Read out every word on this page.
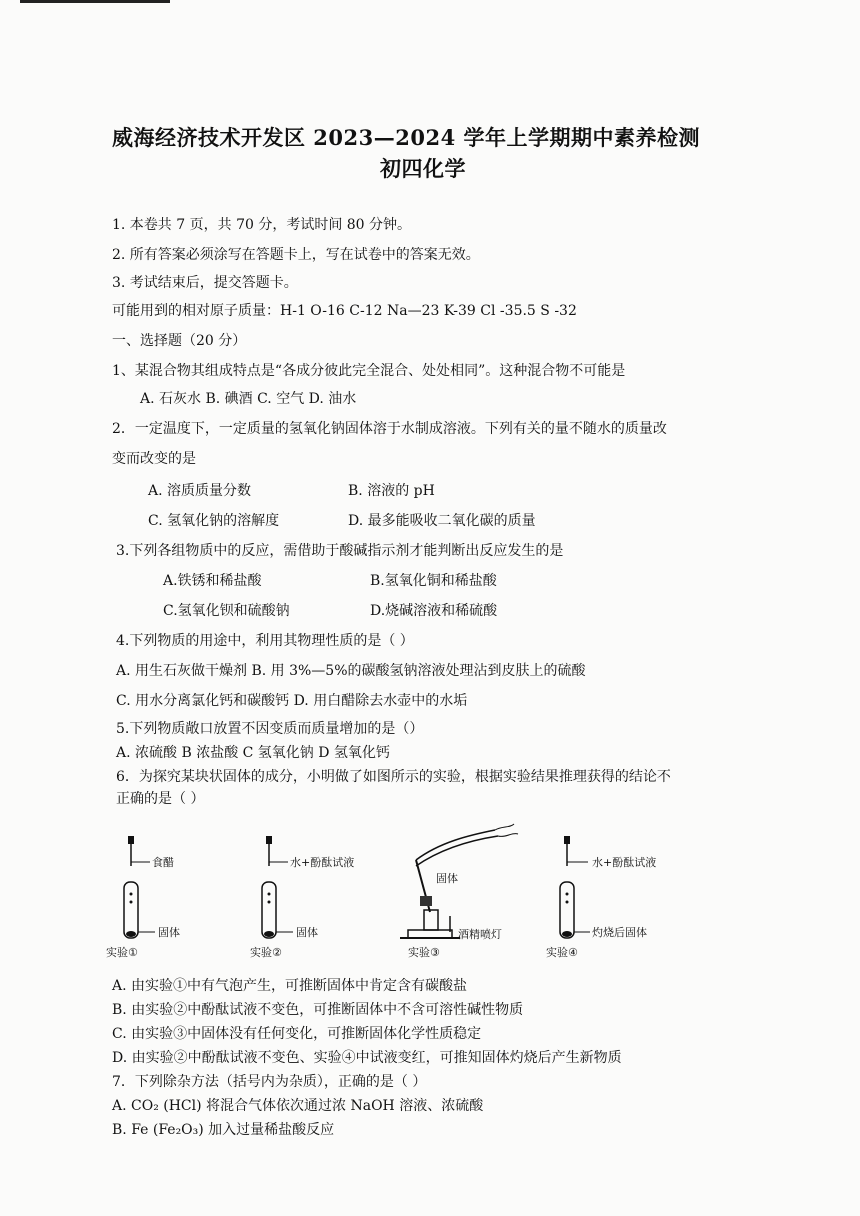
威海经济技术开发区 2023—2024 学年上学期期中素养检测
初四化学
1. 本卷共 7 页，共 70 分，考试时间 80 分钟。
2. 所有答案必须涂写在答题卡上，写在试卷中的答案无效。
3. 考试结束后，提交答题卡。
可能用到的相对原子质量：H-1 O-16 C-12 Na—23 K-39 Cl -35.5 S -32
一、选择题（20 分）
1、某混合物其组成特点是“各成分彼此完全混合、处处相同”。这种混合物不可能是
A. 石灰水 B. 碘酒 C. 空气 D. 油水
2．一定温度下，一定质量的氢氧化钠固体溶于水制成溶液。下列有关的量不随水的质量改
变而改变的是
A. 溶质质量分数	B. 溶液的 pH
C. 氢氧化钠的溶解度	D. 最多能吸收二氧化碳的质量
3.下列各组物质中的反应，需借助于酸碱指示剂才能判断出反应发生的是
A.铁锈和稀盐酸	B.氢氧化铜和稀盐酸
C.氢氧化钡和硫酸钠	D.烧碱溶液和稀硫酸
4.下列物质的用途中，利用其物理性质的是（ ）
A. 用生石灰做干燥剂 B. 用 3%—5%的碳酸氢钠溶液处理沾到皮肤上的硫酸
C. 用水分离氯化钙和碳酸钙 D. 用白醋除去水壶中的水垢
5.下列物质敞口放置不因变质而质量增加的是（）
A. 浓硫酸 B 浓盐酸 C 氢氧化钠 D 氢氧化钙
6．为探究某块状固体的成分，小明做了如图所示的实验，根据实验结果推理获得的结论不
正确的是（ ）
食醋
固体
实验①
水+酚酞试液
固体
实验②
固体
酒精喷灯
实验③
水+酚酞试液
灼烧后固体
实验④
A. 由实验①中有气泡产生，可推断固体中肯定含有碳酸盐
B. 由实验②中酚酞试液不变色，可推断固体中不含可溶性碱性物质
C. 由实验③中固体没有任何变化，可推断固体化学性质稳定
D. 由实验②中酚酞试液不变色、实验④中试液变红，可推知固体灼烧后产生新物质
7．下列除杂方法（括号内为杂质），正确的是（ ）
A. CO₂ (HCl) 将混合气体依次通过浓 NaOH 溶液、浓硫酸
B. Fe (Fe₂O₃) 加入过量稀盐酸反应
